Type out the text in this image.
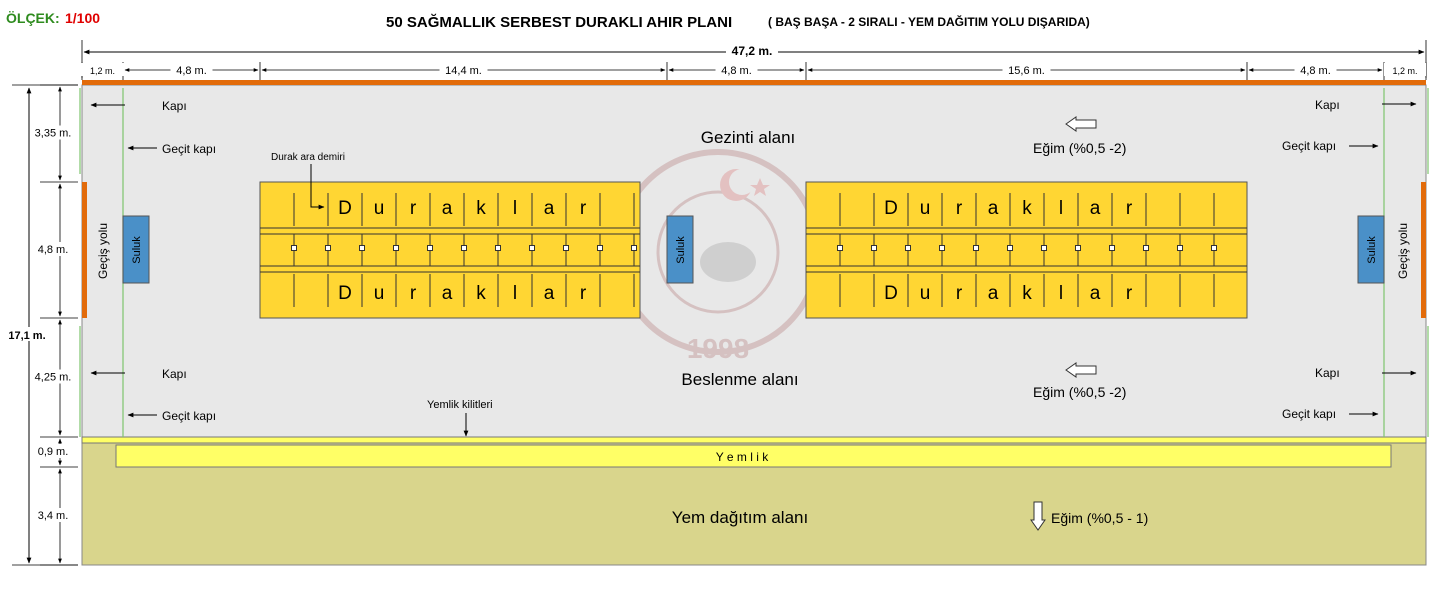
ÖLÇEK: 1/100	50 SAĞMALLIK SERBEST DURAKLI AHIR PLANI	( BAŞ BAŞA - 2 SIRALI - YEM DAĞITIM YOLU DIŞARIDA)
1998
D u r a k l a r
D u r a k l a r
D u r a k l a r
D u r a k l a r
Suluk	Suluk	Suluk
Geçiş yolu	Geçiş yolu
Gezinti alanı
Beslenme alanı
Yem dağıtım alanı
Y e m l i k
Kapı
Geçit kapı
Kapı
Geçit kapı
Kapı
Geçit kapı
Kapı
Geçit kapı
Durak ara demiri
Yemlik kilitleri
Eğim (%0,5 -2)
Eğim (%0,5 -2)
Eğim (%0,5 - 1)
47,2 m.
1,2 m.	4,8 m.	14,4 m.	4,8 m.	15,6 m.	4,8 m.	1,2 m.
17,1 m.
3,35 m.
4,8 m.
4,25 m.
0,9 m.
3,4 m.
